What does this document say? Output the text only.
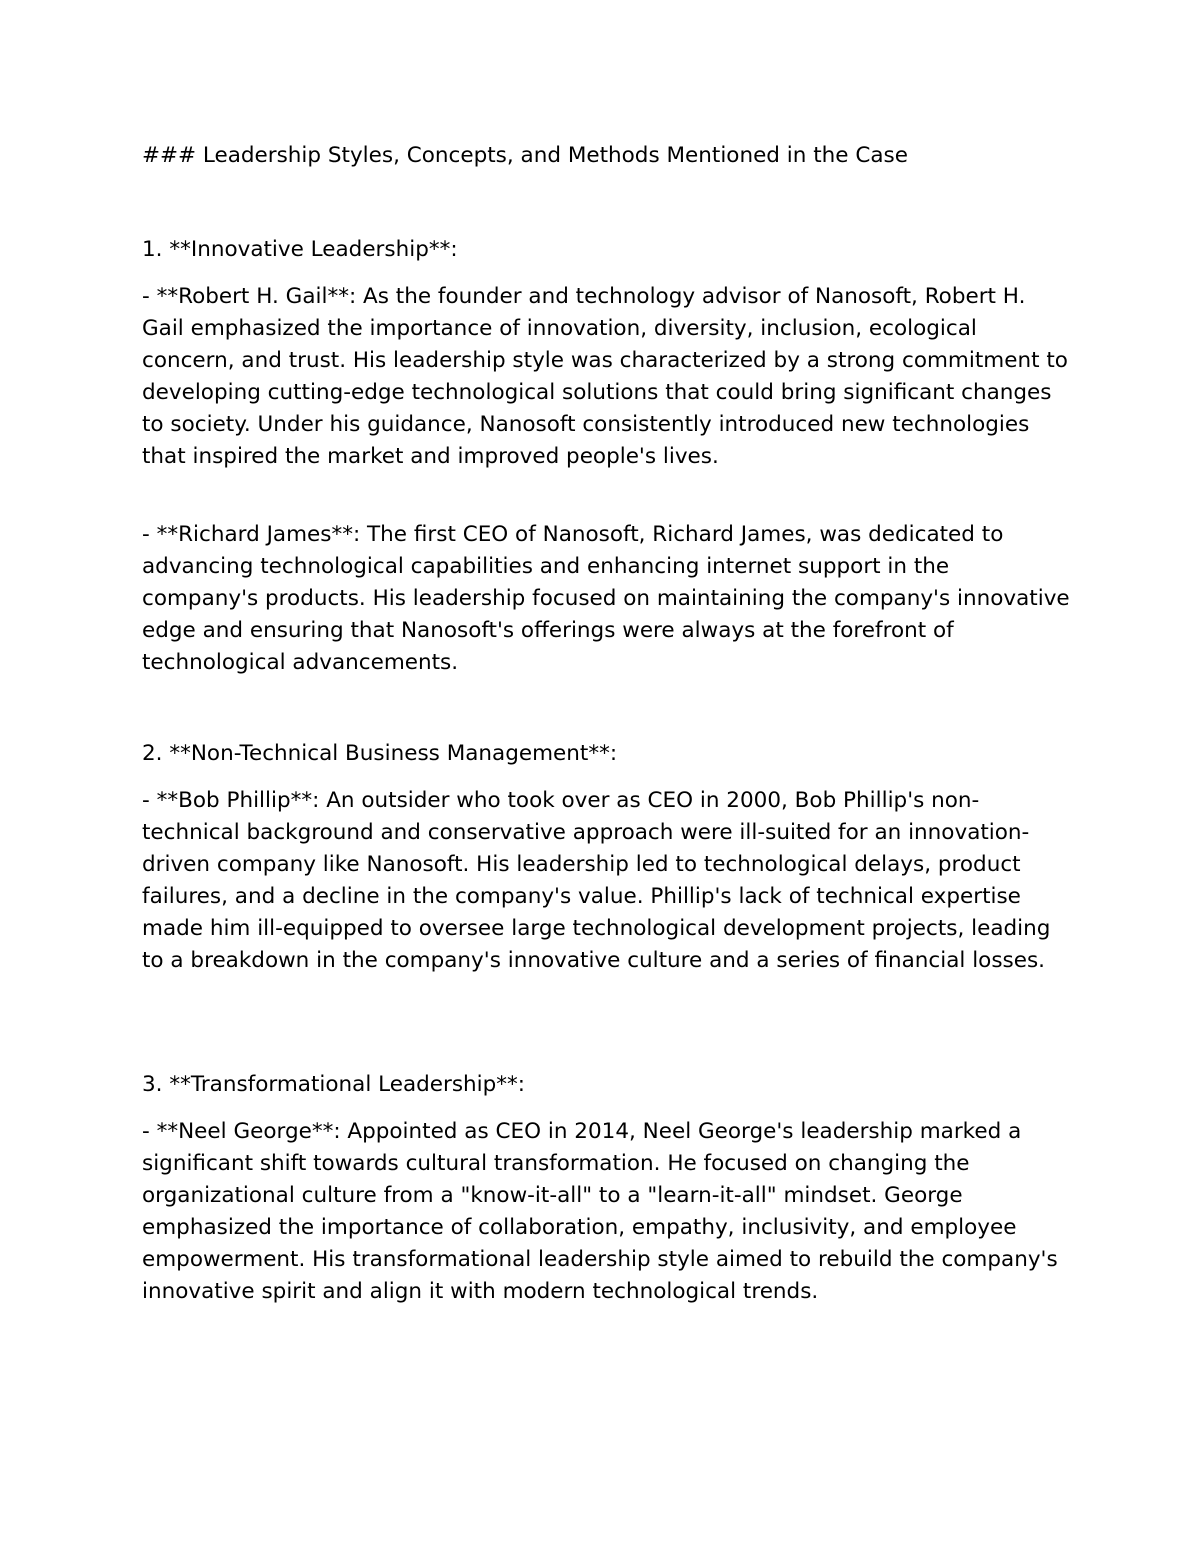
### Leadership Styles, Concepts, and Methods Mentioned in the Case

1. **Innovative Leadership**:

- **Robert H. Gail**: As the founder and technology advisor of Nanosoft, Robert H. Gail emphasized the importance of innovation, diversity, inclusion, ecological concern, and trust. His leadership style was characterized by a strong commitment to developing cutting-edge technological solutions that could bring significant changes to society. Under his guidance, Nanosoft consistently introduced new technologies that inspired the market and improved people's lives.

- **Richard James**: The first CEO of Nanosoft, Richard James, was dedicated to advancing technological capabilities and enhancing internet support in the company's products. His leadership focused on maintaining the company's innovative edge and ensuring that Nanosoft's offerings were always at the forefront of technological advancements.

2. **Non-Technical Business Management**:

- **Bob Phillip**: An outsider who took over as CEO in 2000, Bob Phillip's non-technical background and conservative approach were ill-suited for an innovation-driven company like Nanosoft. His leadership led to technological delays, product failures, and a decline in the company's value. Phillip's lack of technical expertise made him ill-equipped to oversee large technological development projects, leading to a breakdown in the company's innovative culture and a series of financial losses.

3. **Transformational Leadership**:

- **Neel George**: Appointed as CEO in 2014, Neel George's leadership marked a significant shift towards cultural transformation. He focused on changing the organizational culture from a "know-it-all" to a "learn-it-all" mindset. George emphasized the importance of collaboration, empathy, inclusivity, and employee empowerment. His transformational leadership style aimed to rebuild the company's innovative spirit and align it with modern technological trends.
